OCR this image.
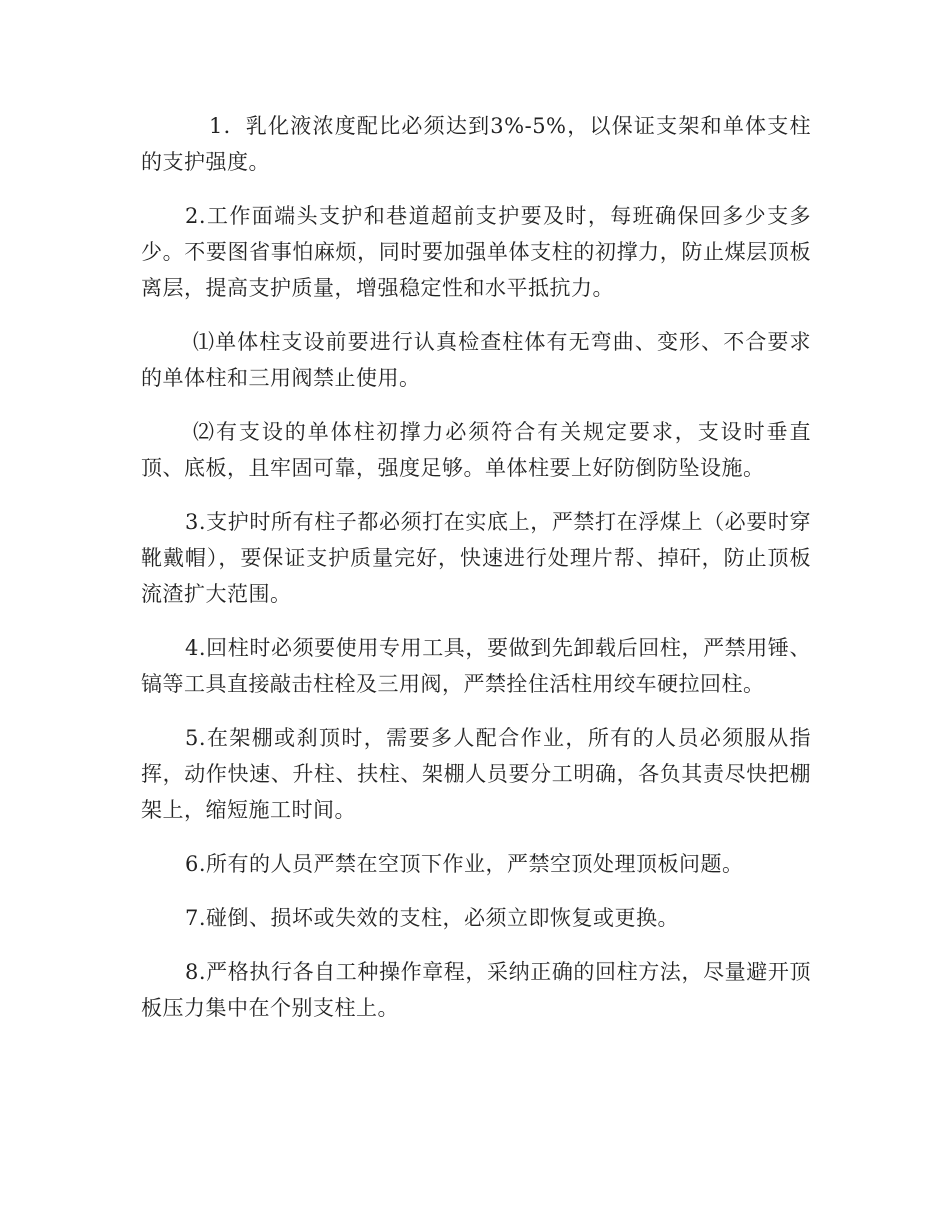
1．乳化液浓度配比必须达到3%-5%，以保证支架和单体支柱的支护强度。

2.工作面端头支护和巷道超前支护要及时，每班确保回多少支多少。不要图省事怕麻烦，同时要加强单体支柱的初撑力，防止煤层顶板离层，提高支护质量，增强稳定性和水平抵抗力。

⑴单体柱支设前要进行认真检查柱体有无弯曲、变形、不合要求的单体柱和三用阀禁止使用。

⑵有支设的单体柱初撑力必须符合有关规定要求，支设时垂直顶、底板，且牢固可靠，强度足够。单体柱要上好防倒防坠设施。

3.支护时所有柱子都必须打在实底上，严禁打在浮煤上（必要时穿靴戴帽），要保证支护质量完好，快速进行处理片帮、掉矸，防止顶板流渣扩大范围。

4.回柱时必须要使用专用工具，要做到先卸载后回柱，严禁用锤、镐等工具直接敲击柱栓及三用阀，严禁拴住活柱用绞车硬拉回柱。

5.在架棚或刹顶时，需要多人配合作业，所有的人员必须服从指挥，动作快速、升柱、扶柱、架棚人员要分工明确，各负其责尽快把棚架上，缩短施工时间。

6.所有的人员严禁在空顶下作业，严禁空顶处理顶板问题。

7.碰倒、损坏或失效的支柱，必须立即恢复或更换。

8.严格执行各自工种操作章程，采纳正确的回柱方法，尽量避开顶板压力集中在个别支柱上。
